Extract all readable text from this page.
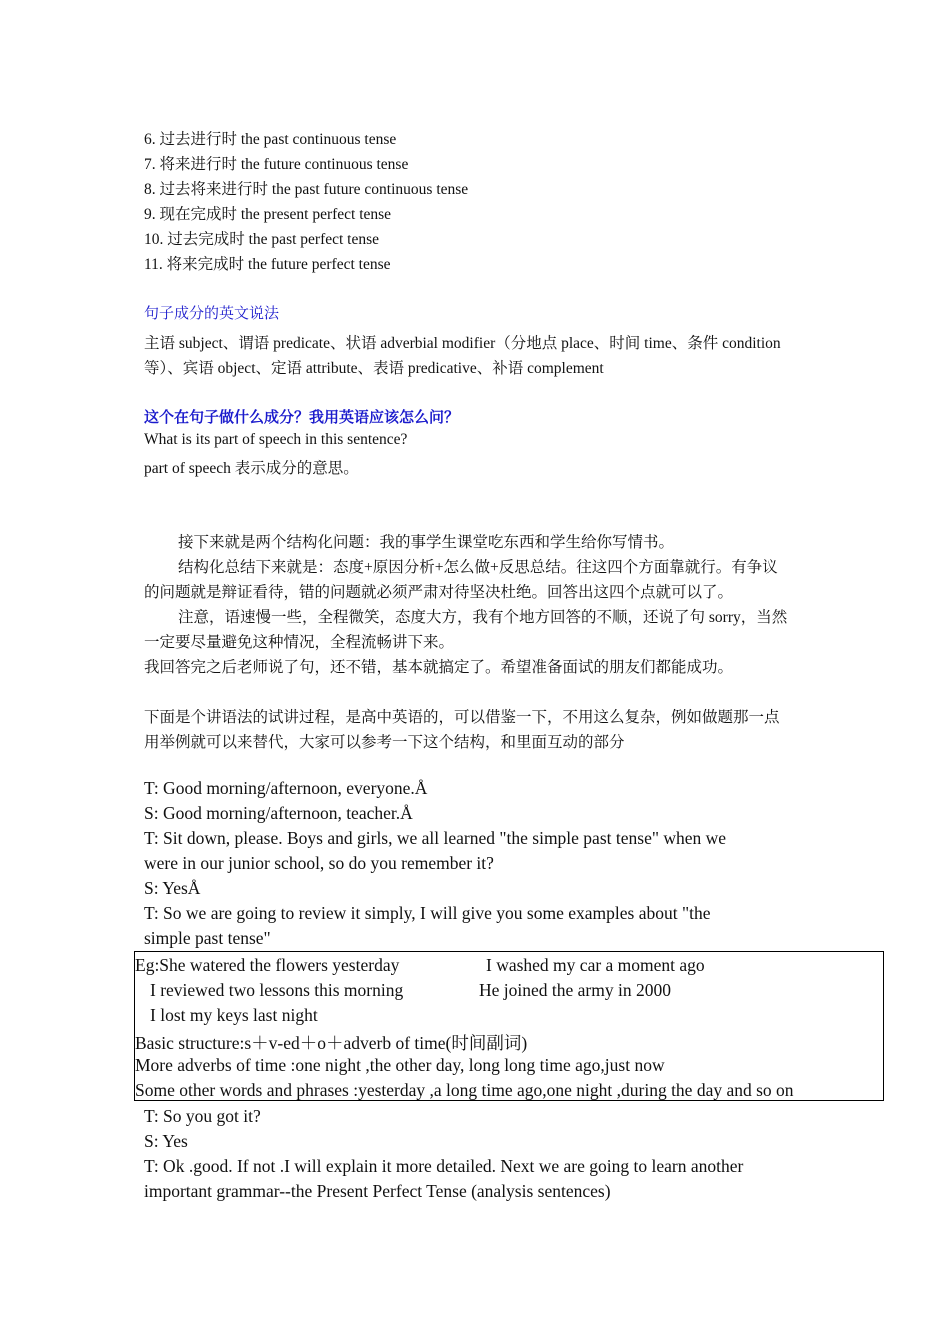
6. 过去进行时 the past continuous tense
7. 将来进行时 the future continuous tense
8. 过去将来进行时 the past future continuous tense
9. 现在完成时 the present perfect tense
10. 过去完成时 the past perfect tense
11. 将来完成时 the future perfect tense
句子成分的英文说法
主语 subject、谓语 predicate、状语 adverbial modifier（分地点 place、时间 time、条件 condition
等）、宾语 object、定语 attribute、表语 predicative、补语 complement
这个在句子做什么成分？我用英语应该怎么问？
What is its part of speech in this sentence?
part of speech 表示成分的意思。
接下来就是两个结构化问题：我的事学生课堂吃东西和学生给你写情书。
结构化总结下来就是：态度+原因分析+怎么做+反思总结。往这四个方面靠就行。有争议
的问题就是辩证看待，错的问题就必须严肃对待坚决杜绝。回答出这四个点就可以了。
注意，语速慢一些，全程微笑，态度大方，我有个地方回答的不顺，还说了句 sorry，当然
一定要尽量避免这种情况，全程流畅讲下来。
我回答完之后老师说了句，还不错，基本就搞定了。希望准备面试的朋友们都能成功。
下面是个讲语法的试讲过程，是高中英语的，可以借鉴一下，不用这么复杂，例如做题那一点
用举例就可以来替代，大家可以参考一下这个结构，和里面互动的部分
T: Good morning/afternoon, everyone.Å
S: Good morning/afternoon, teacher.Å
T: Sit down, please. Boys and girls, we all learned "the simple past tense" when we
were in our junior school, so do you remember it?
S: YesÅ
T: So we are going to review it simply, I will give you some examples about "the
simple past tense"
Eg:She watered the flowers yesterday	I washed my car a moment ago
I reviewed two lessons this morning	He joined the army in 2000
I lost my keys last night
Basic structure:s＋v-ed＋o＋adverb of time(时间副词)
More adverbs of time :one night ,the other day, long long time ago,just now
Some other words and phrases :yesterday ,a long time ago,one night ,during the day and so on
T: So you got it?
S: Yes
T: Ok .good. If not .I will explain it more detailed. Next we are going to learn another
important grammar--the Present Perfect Tense (analysis sentences)
